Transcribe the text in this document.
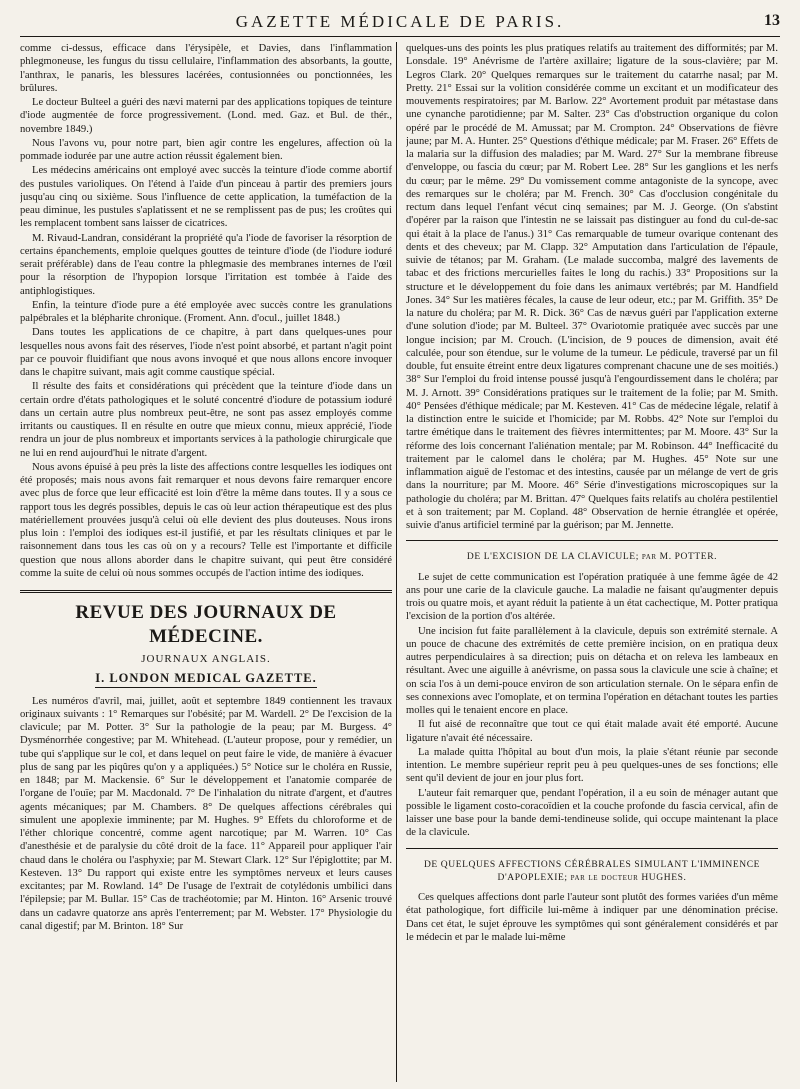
GAZETTE MÉDICALE DE PARIS.	13

comme ci-dessus, efficace dans l'érysipèle, et Davies, dans l'inflammation phlegmoneuse, les fungus du tissu cellulaire, l'inflammation des absorbants, la goutte, l'anthrax, le panaris, les blessures lacérées, contusionnées ou ponctionnées, les brûlures.

Le docteur Bulteel a guéri des nævi materni par des applications topiques de teinture d'iode augmentée de force progressivement. (Lond. med. Gaz. et Bul. de thér., novembre 1849.)

Nous l'avons vu, pour notre part, bien agir contre les engelures, affection où la pommade iodurée par une autre action réussit également bien.

Les médecins américains ont employé avec succès la teinture d'iode comme abortif des pustules varioliques. On l'étend à l'aide d'un pinceau à partir des premiers jours jusqu'au cinq ou sixième. Sous l'influence de cette application, la tuméfaction de la peau diminue, les pustules s'aplatissent et ne se remplissent pas de pus; les croûtes qui les remplacent tombent sans laisser de cicatrices.

M. Rivaud-Landran, considérant la propriété qu'a l'iode de favoriser la résorption de certains épanchements, emploie quelques gouttes de teinture d'iode (de l'iodure ioduré serait préférable) dans de l'eau contre la phlegmasie des membranes internes de l'œil pour la résorption de l'hypopion lorsque l'irritation est tombée à l'aide des antiphlogistiques.

Enfin, la teinture d'iode pure a été employée avec succès contre les granulations palpébrales et la blépharite chronique. (Froment. Ann. d'ocul., juillet 1848.)

Dans toutes les applications de ce chapitre, à part dans quelques-unes pour lesquelles nous avons fait des réserves, l'iode n'est point absorbé, et partant n'agit point par ce pouvoir fluidifiant que nous avons invoqué et que nous allons encore invoquer dans le chapitre suivant, mais agit comme caustique spécial.

Il résulte des faits et considérations qui précèdent que la teinture d'iode dans un certain ordre d'états pathologiques et le soluté concentré d'iodure de potassium ioduré dans un certain autre plus nombreux peut-être, ne sont pas assez employés comme irritants ou caustiques. Il en résulte en outre que mieux connu, mieux apprécié, l'iode rendra un jour de plus nombreux et importants services à la pathologie chirurgicale que ne lui en rend aujourd'hui le nitrate d'argent.

Nous avons épuisé à peu près la liste des affections contre lesquelles les iodiques ont été proposés; mais nous avons fait remarquer et nous devons faire remarquer encore avec plus de force que leur efficacité est loin d'être la même dans toutes. Il y a sous ce rapport tous les degrés possibles, depuis le cas où leur action thérapeutique est des plus matériellement prouvées jusqu'à celui où elle devient des plus douteuses. Nous irons plus loin : l'emploi des iodiques est-il justifié, et par les résultats cliniques et par le raisonnement dans tous les cas où on y a recours? Telle est l'importante et difficile question que nous allons aborder dans le chapitre suivant, qui peut être considéré comme la suite de celui où nous sommes occupés de l'action intime des iodiques.

REVUE DES JOURNAUX DE MÉDECINE.
JOURNAUX ANGLAIS.
I. LONDON MEDICAL GAZETTE.

Les numéros d'avril, mai, juillet, août et septembre 1849 contiennent les travaux originaux suivants : 1° Remarques sur l'obésité; par M. Wardell. 2° De l'excision de la clavicule; par M. Potter. 3° Sur la pathologie de la peau; par M. Burgess. 4° Dysménorrhée congestive; par M. Whitehead. (L'auteur propose, pour y remédier, un tube qui s'applique sur le col, et dans lequel on peut faire le vide, de manière à évacuer plus de sang par les piqûres qu'on y a appliquées.) 5° Notice sur le choléra en Russie, en 1848; par M. Mackensie. 6° Sur le développement et l'anatomie comparée de l'organe de l'ouïe; par M. Macdonald. 7° De l'inhalation du nitrate d'argent, et d'autres agents mécaniques; par M. Chambers. 8° De quelques affections cérébrales qui simulent une apoplexie imminente; par M. Hughes. 9° Effets du chloroforme et de l'éther chlorique concentré, comme agent narcotique; par M. Warren. 10° Cas d'anesthésie et de paralysie du côté droit de la face. 11° Appareil pour appliquer l'air chaud dans le choléra ou l'asphyxie; par M. Stewart Clark. 12° Sur l'épiglottite; par M. Kesteven. 13° Du rapport qui existe entre les symptômes nerveux et leurs causes excitantes; par M. Rowland. 14° De l'usage de l'extrait de cotylédonis umbilici dans l'épilepsie; par M. Bullar. 15° Cas de trachéotomie; par M. Hinton. 16° Arsenic trouvé dans un cadavre quatorze ans après l'enterrement; par M. Webster. 17° Physiologie du canal digestif; par M. Brinton. 18° Sur

quelques-uns des points les plus pratiques relatifs au traitement des difformités; par M. Lonsdale. 19° Anévrisme de l'artère axillaire; ligature de la sous-clavière; par M. Legros Clark. 20° Quelques remarques sur le traitement du catarrhe nasal; par M. Pretty. 21° Essai sur la volition considérée comme un excitant et un modificateur des mouvements respiratoires; par M. Barlow. 22° Avortement produit par métastase dans une cynanche parotidienne; par M. Salter. 23° Cas d'obstruction organique du colon opéré par le procédé de M. Amussat; par M. Crompton. 24° Observations de fièvre jaune; par M. A. Hunter. 25° Questions d'éthique médicale; par M. Fraser. 26° Effets de la malaria sur la diffusion des maladies; par M. Ward. 27° Sur la membrane fibreuse d'enveloppe, ou fascia du cœur; par M. Robert Lee. 28° Sur les ganglions et les nerfs du cœur; par le même. 29° Du vomissement comme antagoniste de la syncope, avec des remarques sur le choléra; par M. French. 30° Cas d'occlusion congénitale du rectum dans lequel l'enfant vécut cinq semaines; par M. J. George. (On s'abstint d'opérer par la raison que l'intestin ne se laissait pas distinguer au fond du cul-de-sac qui était à la place de l'anus.) 31° Cas remarquable de tumeur ovarique contenant des dents et des cheveux; par M. Clapp. 32° Amputation dans l'articulation de l'épaule, suivie de tétanos; par M. Graham. (Le malade succomba, malgré des lavements de tabac et des frictions mercurielles faites le long du rachis.) 33° Propositions sur la structure et le développement du foie dans les animaux vertébrés; par M. Handfield Jones. 34° Sur les matières fécales, la cause de leur odeur, etc.; par M. Griffith. 35° De la nature du choléra; par M. R. Dick. 36° Cas de nævus guéri par l'application externe d'une solution d'iode; par M. Bulteel. 37° Ovariotomie pratiquée avec succès par une longue incision; par M. Crouch. (L'incision, de 9 pouces de dimension, avait été calculée, pour son étendue, sur le volume de la tumeur. Le pédicule, traversé par un fil double, fut ensuite étreint entre deux ligatures comprenant chacune une de ses moitiés.) 38° Sur l'emploi du froid intense poussé jusqu'à l'engourdissement dans le choléra; par M. J. Arnott. 39° Considérations pratiques sur le traitement de la folie; par M. Smith. 40° Pensées d'éthique médicale; par M. Kesteven. 41° Cas de médecine légale, relatif à la distinction entre le suicide et l'homicide; par M. Robbs. 42° Note sur l'emploi du tartre émétique dans le traitement des fièvres intermittentes; par M. Moore. 43° Sur la réforme des lois concernant l'aliénation mentale; par M. Robinson. 44° Inefficacité du traitement par le calomel dans le choléra; par M. Hughes. 45° Note sur une inflammation aiguë de l'estomac et des intestins, causée par un mélange de vert de gris dans la nourriture; par M. Moore. 46° Série d'investigations microscopiques sur la pathologie du choléra; par M. Brittan. 47° Quelques faits relatifs au choléra pestilentiel et à son traitement; par M. Copland. 48° Observation de hernie étranglée et opérée, suivie d'anus artificiel terminé par la guérison; par M. Jennette.

DE L'EXCISION DE LA CLAVICULE; par M. POTTER.

Le sujet de cette communication est l'opération pratiquée à une femme âgée de 42 ans pour une carie de la clavicule gauche. La maladie ne faisant qu'augmenter depuis trois ou quatre mois, et ayant réduit la patiente à un état cachectique, M. Potter pratiqua l'excision de la portion d'os altérée.

Une incision fut faite parallèlement à la clavicule, depuis son extrémité sternale. A un pouce de chacune des extrémités de cette première incision, on en pratiqua deux autres perpendiculaires à sa direction; puis on détacha et on releva les lambeaux en résultant. Avec une aiguille à anévrisme, on passa sous la clavicule une scie à chaîne; et on scia l'os à un demi-pouce environ de son articulation sternale. On le sépara enfin de ses connexions avec l'omoplate, et on termina l'opération en détachant toutes les parties molles qui le tenaient encore en place.

Il fut aisé de reconnaître que tout ce qui était malade avait été emporté. Aucune ligature n'avait été nécessaire.

La malade quitta l'hôpital au bout d'un mois, la plaie s'étant réunie par seconde intention. Le membre supérieur reprit peu à peu quelques-unes de ses fonctions; elle sent qu'il devient de jour en jour plus fort.

L'auteur fait remarquer que, pendant l'opération, il a eu soin de ménager autant que possible le ligament costo-coracoïdien et la couche profonde du fascia cervical, afin de laisser une base pour la bande demi-tendineuse solide, qui occupe maintenant la place de la clavicule.

DE QUELQUES AFFECTIONS CÉRÉBRALES SIMULANT L'IMMINENCE D'APOPLEXIE; par le docteur HUGHES.

Ces quelques affections dont parle l'auteur sont plutôt des formes variées d'un même état pathologique, fort difficile lui-même à indiquer par une dénomination précise. Dans cet état, le sujet éprouve les symptômes qui sont généralement considérés et par le médecin et par le malade lui-même
